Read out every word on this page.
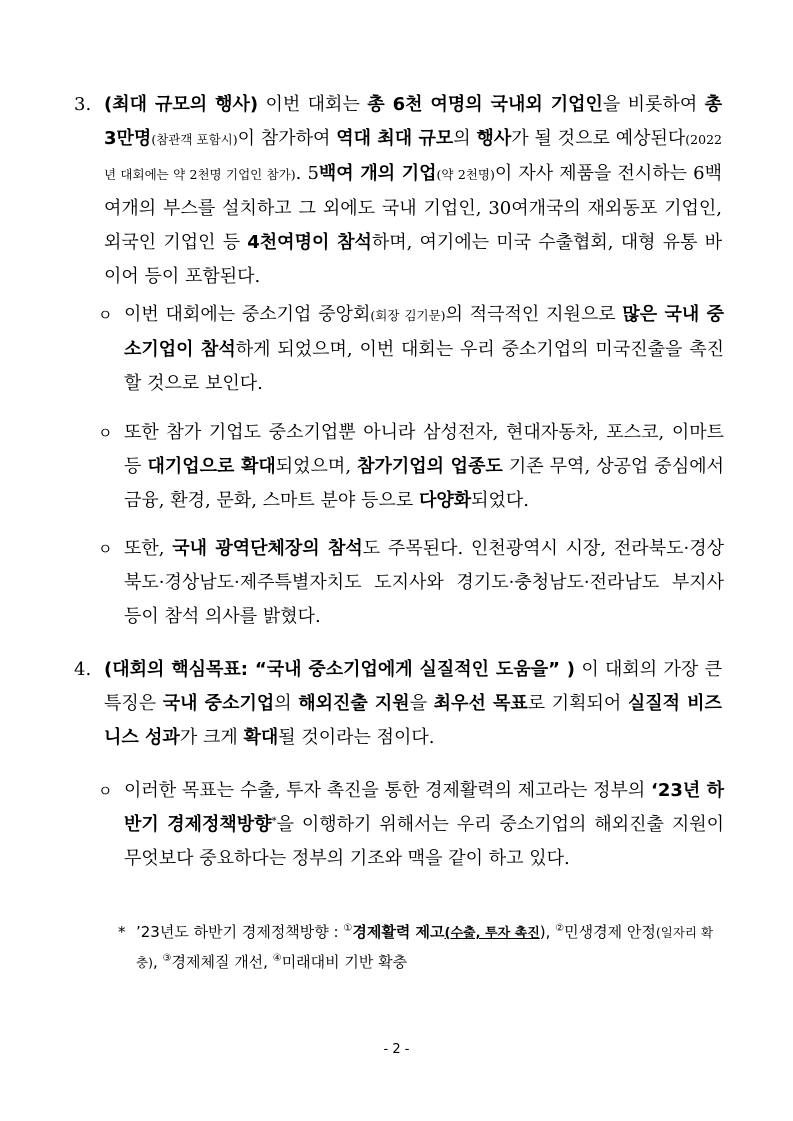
3. (최대 규모의 행사) 이번 대회는 총 6천 여명의 국내외 기업인을 비롯하여 총 3만명(참관객 포함시)이 참가하여 역대 최대 규모의 행사가 될 것으로 예상된다(2022년 대회에는 약 2천명 기업인 참가). 5백여 개의 기업(약 2천명)이 자사 제품을 전시하는 6백여개의 부스를 설치하고 그 외에도 국내 기업인, 30여개국의 재외동포 기업인, 외국인 기업인 등 4천여명이 참석하며, 여기에는 미국 수출협회, 대형 유통 바이어 등이 포함된다.
ㅇ 이번 대회에는 중소기업 중앙회(회장 김기문)의 적극적인 지원으로 많은 국내 중소기업이 참석하게 되었으며, 이번 대회는 우리 중소기업의 미국진출을 촉진할 것으로 보인다.
ㅇ 또한 참가 기업도 중소기업뿐 아니라 삼성전자, 현대자동차, 포스코, 이마트 등 대기업으로 확대되었으며, 참가기업의 업종도 기존 무역, 상공업 중심에서 금융, 환경, 문화, 스마트 분야 등으로 다양화되었다.
ㅇ 또한, 국내 광역단체장의 참석도 주목된다. 인천광역시 시장, 전라북도·경상북도·경상남도·제주특별자치도 도지사와 경기도·충청남도·전라남도 부지사 등이 참석 의사를 밝혔다.
4. (대회의 핵심목표: “국내 중소기업에게 실질적인 도움을” ) 이 대회의 가장 큰 특징은 국내 중소기업의 해외진출 지원을 최우선 목표로 기획되어 실질적 비즈니스 성과가 크게 확대될 것이라는 점이다.
ㅇ 이러한 목표는 수출, 투자 촉진을 통한 경제활력의 제고라는 정부의 ‘23년 하반기 경제정책방향*을 이행하기 위해서는 우리 중소기업의 해외진출 지원이 무엇보다 중요하다는 정부의 기조와 맥을 같이 하고 있다.
* ’23년도 하반기 경제정책방향 : ①경제활력 제고(수출, 투자 촉진), ②민생경제 안정(일자리 확충), ③경제체질 개선, ④미래대비 기반 확충
- 2 -
